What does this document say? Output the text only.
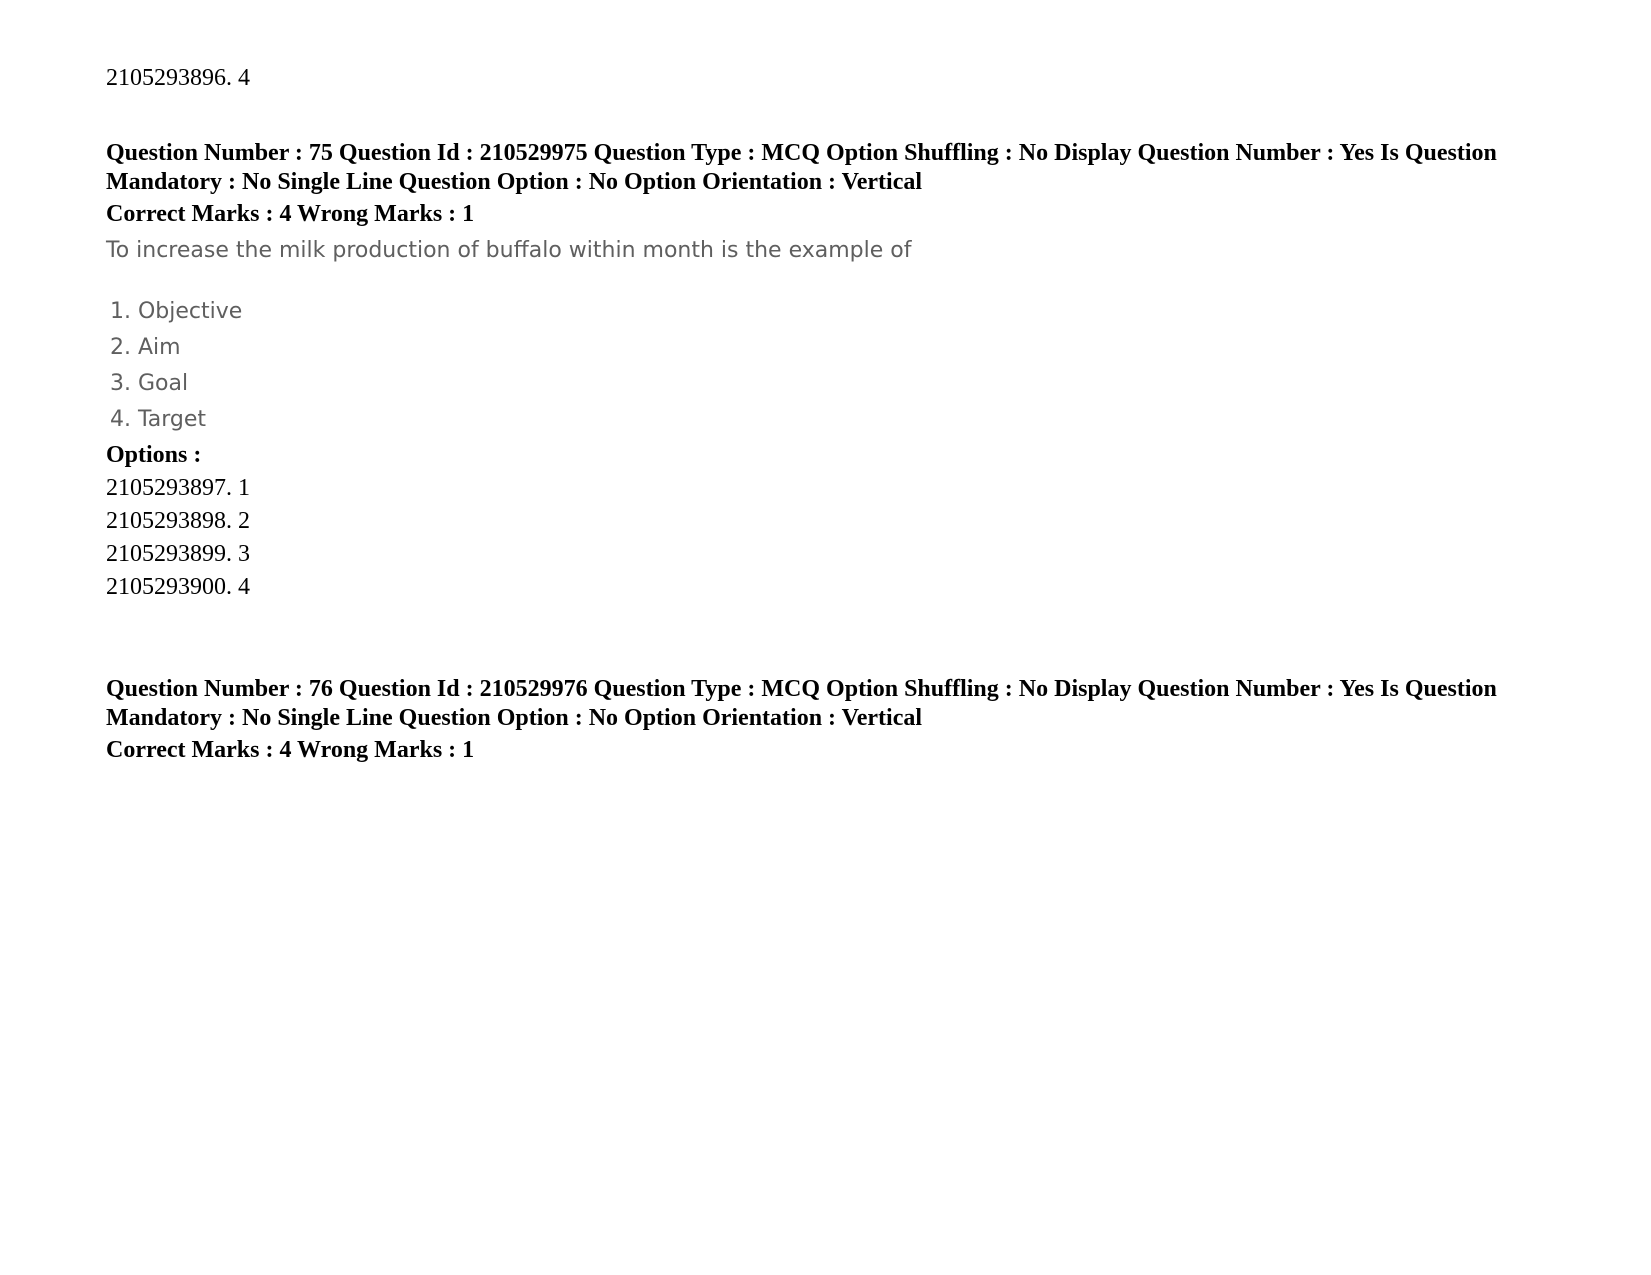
2105293896. 4
Question Number : 75 Question Id : 210529975 Question Type : MCQ Option Shuffling : No Display Question Number : Yes Is Question
Mandatory : No Single Line Question Option : No Option Orientation : Vertical
Correct Marks : 4 Wrong Marks : 1
To increase the milk production of buffalo within month is the example of
1. Objective
2. Aim
3. Goal
4. Target
Options :
2105293897. 1
2105293898. 2
2105293899. 3
2105293900. 4
Question Number : 76 Question Id : 210529976 Question Type : MCQ Option Shuffling : No Display Question Number : Yes Is Question
Mandatory : No Single Line Question Option : No Option Orientation : Vertical
Correct Marks : 4 Wrong Marks : 1
